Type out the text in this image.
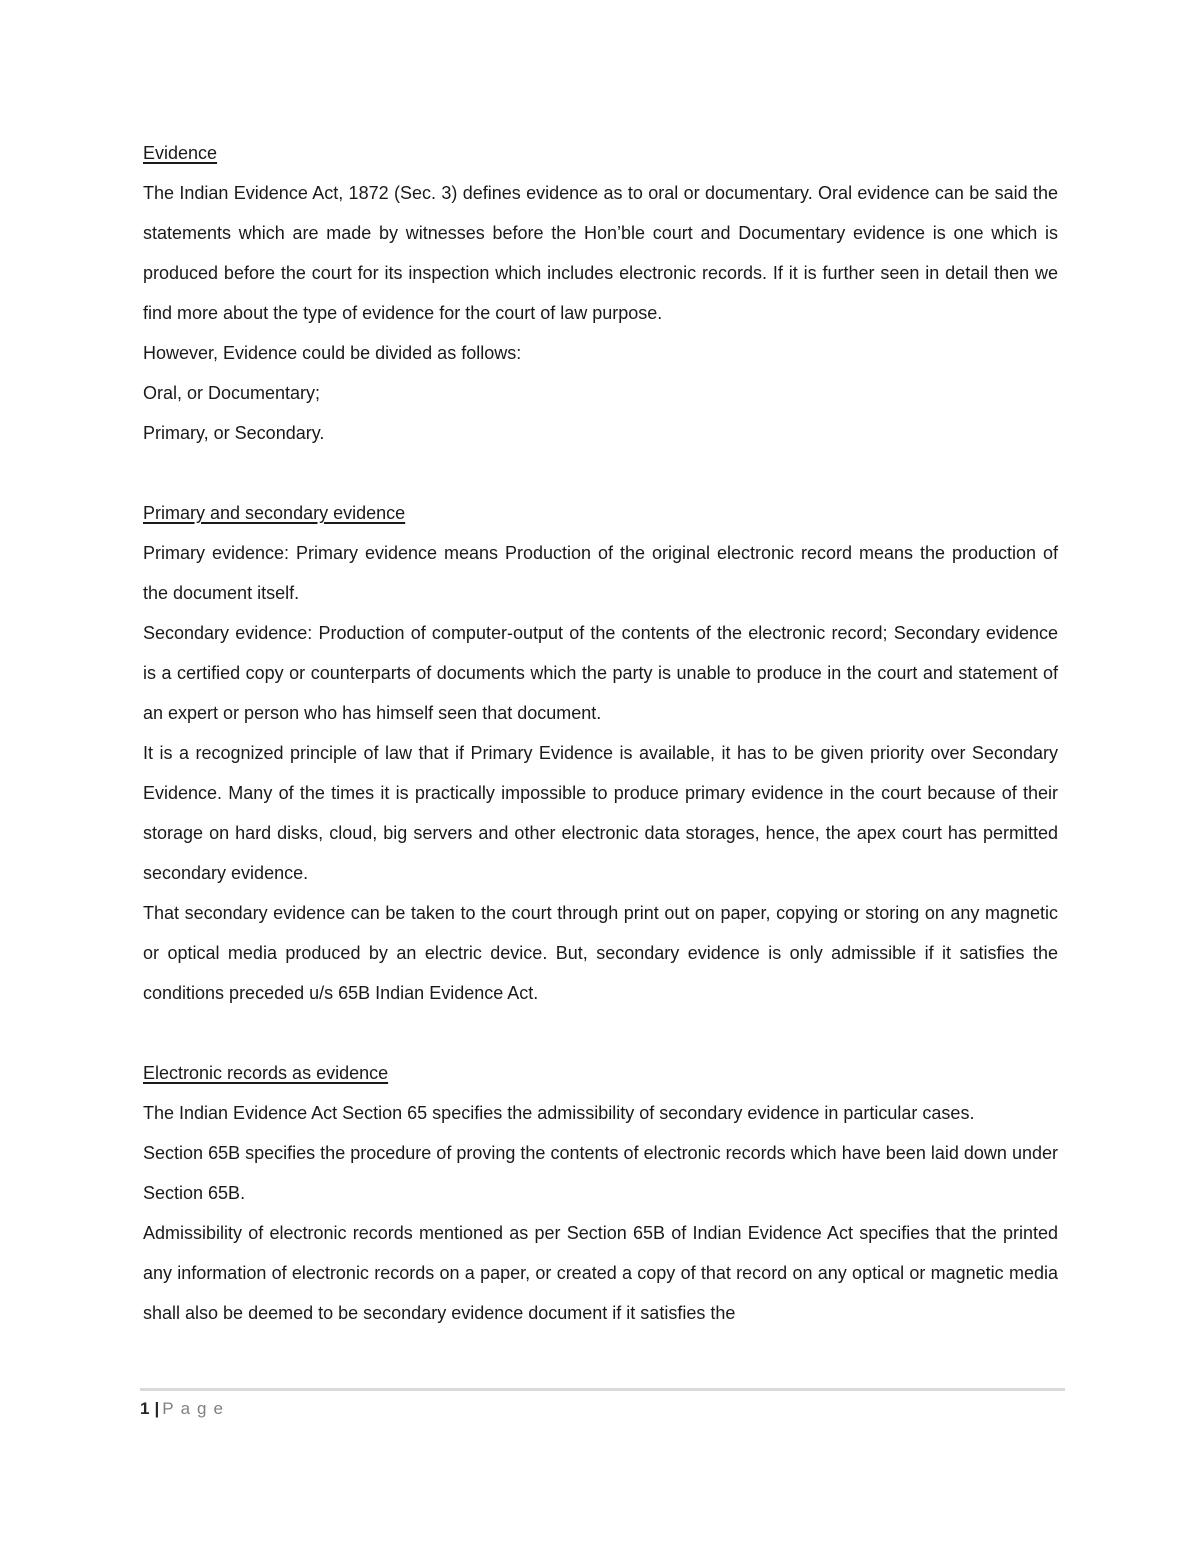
Evidence

The Indian Evidence Act, 1872 (Sec. 3) defines evidence as to oral or documentary. Oral evidence can be said the statements which are made by witnesses before the Hon’ble court and Documentary evidence is one which is produced before the court for its inspection which includes electronic records. If it is further seen in detail then we find more about the type of evidence for the court of law purpose.

However, Evidence could be divided as follows:

Oral, or Documentary;

Primary, or Secondary.

Primary and secondary evidence

Primary evidence: Primary evidence means Production of the original electronic record means the production of the document itself.

Secondary evidence: Production of computer-output of the contents of the electronic record; Secondary evidence is a certified copy or counterparts of documents which the party is unable to produce in the court and statement of an expert or person who has himself seen that document.

It is a recognized principle of law that if Primary Evidence is available, it has to be given priority over Secondary Evidence. Many of the times it is practically impossible to produce primary evidence in the court because of their storage on hard disks, cloud, big servers and other electronic data storages, hence, the apex court has permitted secondary evidence.

That secondary evidence can be taken to the court through print out on paper, copying or storing on any magnetic or optical media produced by an electric device. But, secondary evidence is only admissible if it satisfies the conditions preceded u/s 65B Indian Evidence Act.

Electronic records as evidence

The Indian Evidence Act Section 65 specifies the admissibility of secondary evidence in particular cases.

Section 65B specifies the procedure of proving the contents of electronic records which have been laid down under Section 65B.

Admissibility of electronic records mentioned as per Section 65B of Indian Evidence Act specifies that the printed any information of electronic records on a paper, or created a copy of that record on any optical or magnetic media shall also be deemed to be secondary evidence document if it satisfies the

1 | Page
